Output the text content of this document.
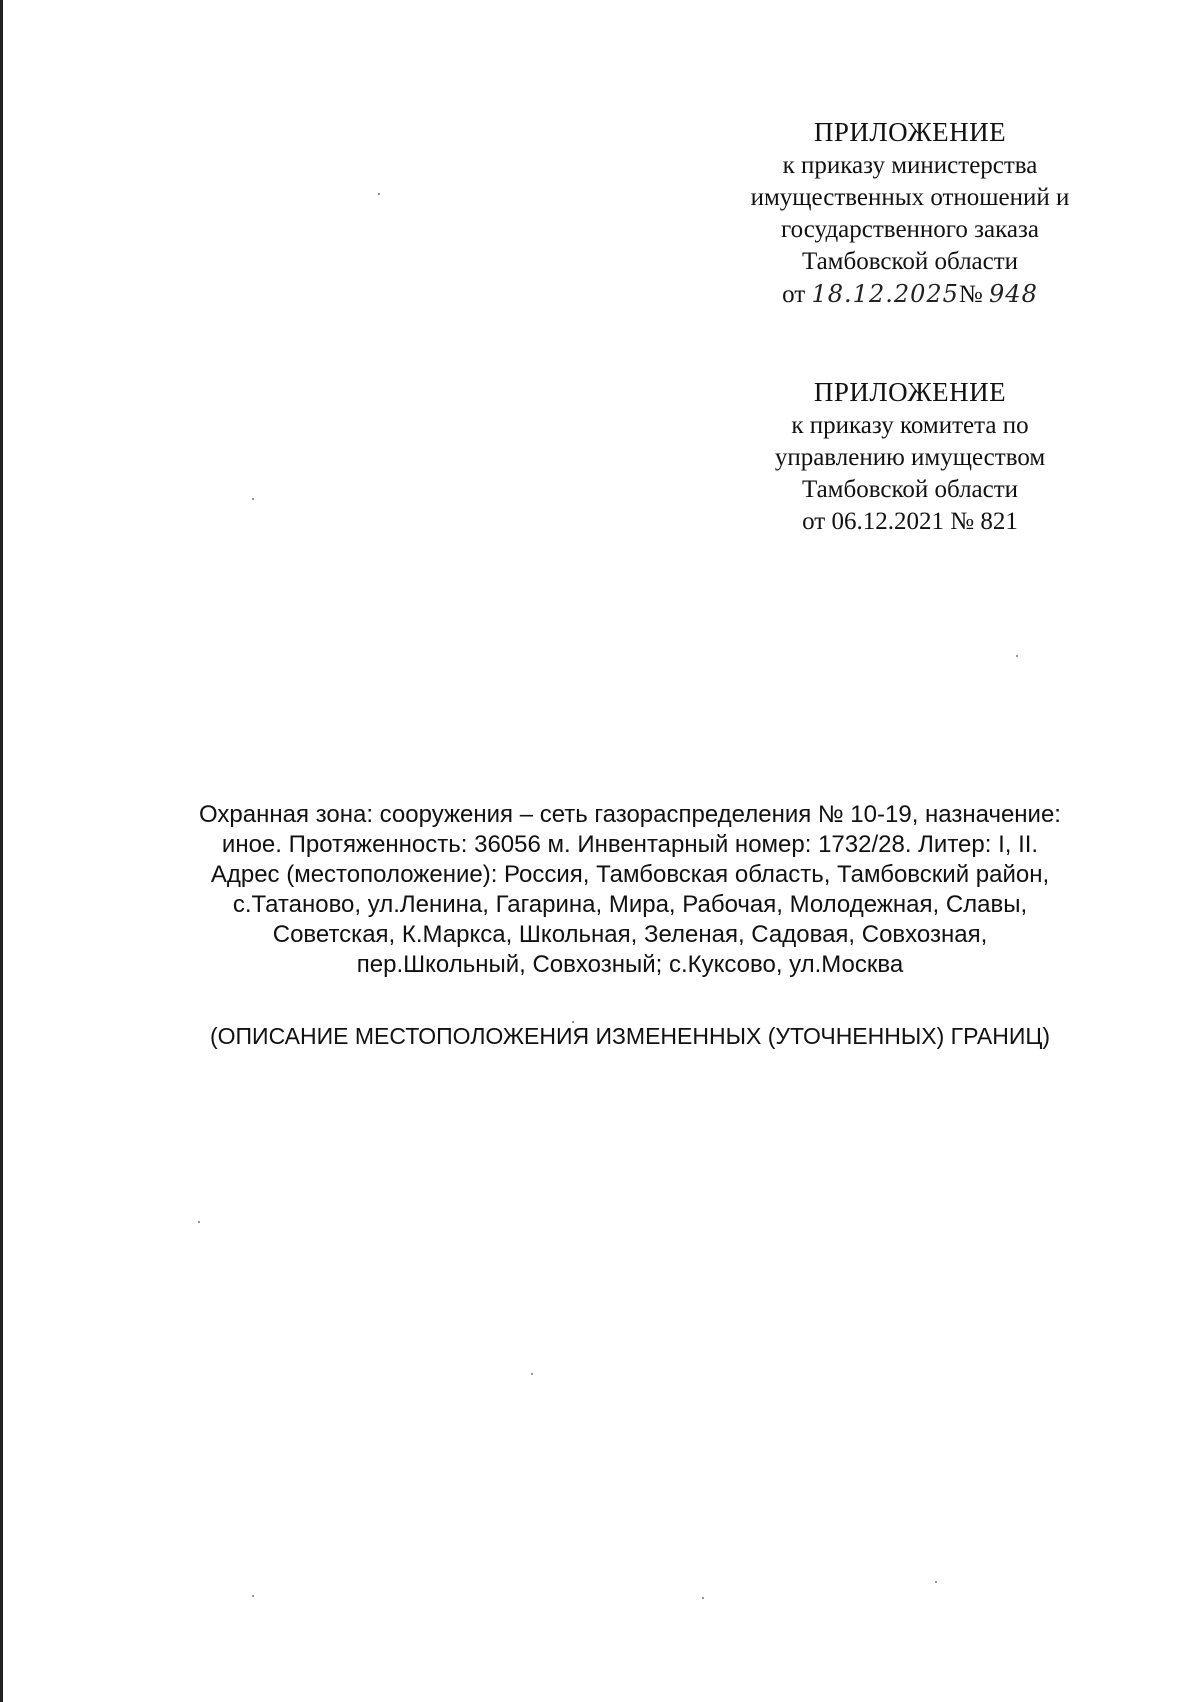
ПРИЛОЖЕНИЕ
к приказу министерства
имущественных отношений и
государственного заказа
Тамбовской области
от 18.12.2025№ 948
ПРИЛОЖЕНИЕ
к приказу комитета по
управлению имуществом
Тамбовской области
от 06.12.2021 № 821
Охранная зона: сооружения – сеть газораспределения № 10-19, назначение:
иное. Протяженность: 36056 м. Инвентарный номер: 1732/28. Литер: I, II.
Адрес (местоположение): Россия, Тамбовская область, Тамбовский район,
с.Татаново, ул.Ленина, Гагарина, Мира, Рабочая, Молодежная, Славы,
Советская, К.Маркса, Школьная, Зеленая, Садовая, Совхозная,
пер.Школьный, Совхозный; с.Куксово, ул.Москва
(ОПИСАНИЕ МЕСТОПОЛОЖЕНИЯ ИЗМЕНЕННЫХ (УТОЧНЕННЫХ) ГРАНИЦ)
